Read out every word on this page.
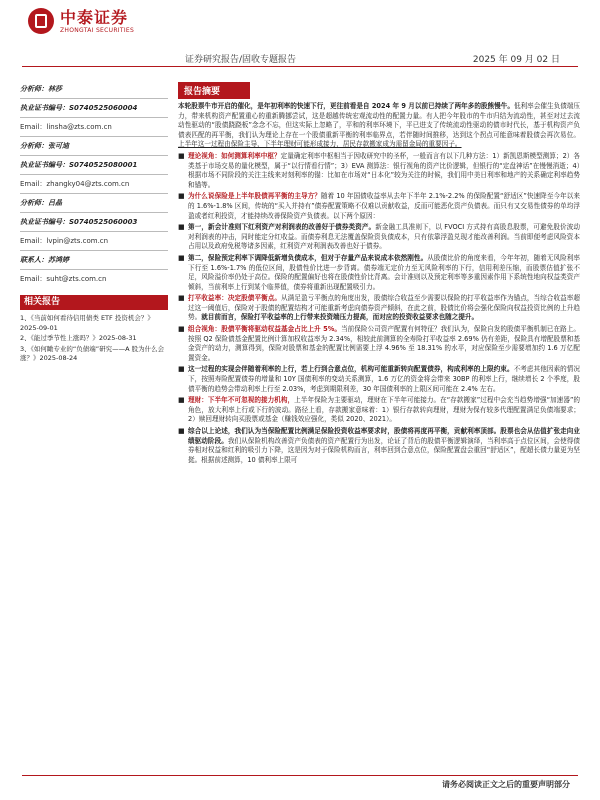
中泰证券
ZHONGTAI SECURITIES
证券研究报告/固收专题报告	2025 年 09 月 02 日
分析师： 林莎
执业证书编号： S0740525060004
Email：linsha@zts.com.cn
分析师： 张可迪
执业证书编号： S0740525080001
Email：zhangky04@zts.com.cn
分析师： 吕晶
执业证书编号： S0740525060003
Email：lvpin@zts.com.cn
联系人： 苏鸿婷
Email：suht@zts.com.cn
相关报告
1、《当前如何看待信用债类 ETF 投资机会？》2025-09-01
2、《能过季节性上涨吗？》2025-08-31
3、《如何瞰专业的“负债端”研究——A 股为什么会涨？》2025-08-24
报告摘要
本轮股票牛市开启的催化，是年初利率的快速下行，更往前看是自 2024 年 9 月以前已持续了两年多的股熊慢牛。低利率会催生负债端压力，带来机构资产配置重心的重新腾挪尝试，这是超越传统宏观流动性的配置力量。有人把今年股市的牛市归结为流动性，甚至对过去流动性驱动的“股债跷跷板”念念不忘，但这实际上忽略了，平和的利率环境下，平已进支了传统流动性驱动的债市时代长，基于机构资产负债表匹配的再平衡，我们认为理论上存在一个股债重新平衡的利率临界点，若伴随时间推移，达到这个拐点可能意味着股债会再次易位。上半年这一过程由保险主导，下半年理财可能形成接力，居民存款搬家成为需留金局的重要因子。
■ 理论视角：如何测算利率中枢？定量确定利率中枢相当于因收研究中的圣杯，一般而言有以下几种方法：1）新凯恩斯模型测算；2）各类基于市场交易的量化模型，属于“以行情看行情”；3）EVA 测算法：银行视角的资产比价逻辑，但银行的“定盘神话”在慢慢消逝；4）根据市场不同阶段的关注主线来对刻利率的锚：比如在市场对“日本化”较为关注的时候，我们用中美日利率和地产的关系确定利率趋势和锚等。
■ 为什么说保险是上半年股债再平衡的主导方？随着 10 年国债收益率从去年下半年 2.1%-2.2% 的保险配置“舒适区”快速降至今年以来的 1.6%-1.8% 区间，传统的“买入并持有”债券配置策略不仅难以贡献收益，反而可能恶化资产负债表。而只有又交易性债券的单均浮盈或者红利投资，才能持续改善保险资产负债表。以下两个原因：
■ 第一，新会计准则下红利资产对利润表的改善好于债券类资产。新金融工具准则下，以 FVOCI 方式持有高股息股票，可避免股价波动对利润表的冲击，同时能定分红收益。而债券利息无法覆盖保险资负债成本，只有依靠浮盈兑现才能改善利润。当前即便考虑风险资本占用以及政府免税等诸多因素，红利资产对利润表改善也好于债券。
■ 第二，保险预定利率下调降低新增负债成本，但对于存量产品来说成本依然刚性。从股债比价的角度来看，今年年初，随着无风险利率下行至 1.6%-1.7% 的低位区间，股债性价比进一步背离。债券端无定价力至无风险利率的下行，信用利差压缩，而股票估值扩张不足，风险溢价率仍处于高位。保险的配置偏好也将在股债性价比背离。会计准则以及预定利率等多重因素作用下系统性地向权益类资产倾斜，当前利率上行到某个临界值，债券将重新出现配置吸引力。
■ 打平收益率：决定股债平衡点。从满足盈亏平衡点的角度出发，股债综合收益至少需要以保险的打平收益率作为锚点，当综合收益率超过这一阈值后，保险对于股债的配置结构才可能重新考虑向债券资产倾斜，在此之前，股债比价将会强化保险向权益投资比例的上升趋势。就目前而言，保险打平收益率的上行带来投资端压力提高，而对应的投资收益要求也随之提升。
■ 组合视角：股债平衡将驱动权益基金占比上升 5%。当前保险公司资产配置有何特征？我们认为，保险自发的股债平衡机制已在路上。按照 Q2 保险债基金配置比例计算加权收益率为 2.34%，相较此前测算的全寿险打平收益率 2.69% 仍有差距，保险具有增配股票和基金资产的动力，测算得到，保险对股票和基金的配置比例需要上浮 4.96% 至 18.31% 的水平，对应保险至少需要增加约 1.6 万亿配置资金。
■ 这一过程的实现会伴随着利率的上行，若上行到合意点位，机构可能重新转向配置债券，构成利率的上限约束。不考虑其他因素的情况下，按照寿险配置债券的增量和 10Y 国债利率的变动关系测算，1.6 万亿的资金将会带来 30BP 的利率上行，继续增长 2 个季度，股债平衡的趋势会带动利率上行至 2.03%，考虑到期限利差，30 年国债利率的上限区间可能在 2.4% 左右。
■ 理财：下半年不可忽视的接力机构，上半年保险为主要驱动，理财在下半年可能接力。在“存款搬家”过程中会充当趋势增强“加速器”的角色，放大利率上行或下行的波动。路径上看，存款搬家意味着：1）银行存款转向理财，理财为保有较多代理配置满足负债端要求；2）赎回理财转向买股票或基金（赚钱效应强化，类似 2020、2021）。
■ 综合以上论述，我们认为当保险配置比例满足保险投资收益率要求时，股债将再度再平衡，贡献利率顶部。股票也会从估值扩张走向业绩驱动阶段。我们从保险机构改善资产负债表的资产配置行为出发，论证了背后的股债平衡逻辑演绎，当利率高于点位区间，会使得债券相对权益和红利的吸引力下降，这是因为对于保险机构而言，利率回到合意点位，保险配置盘会重回“舒适区”，配超长债力量更为坚挺。根据前述测算，10 债利率上限可
请务必阅读正文之后的重要声明部分
